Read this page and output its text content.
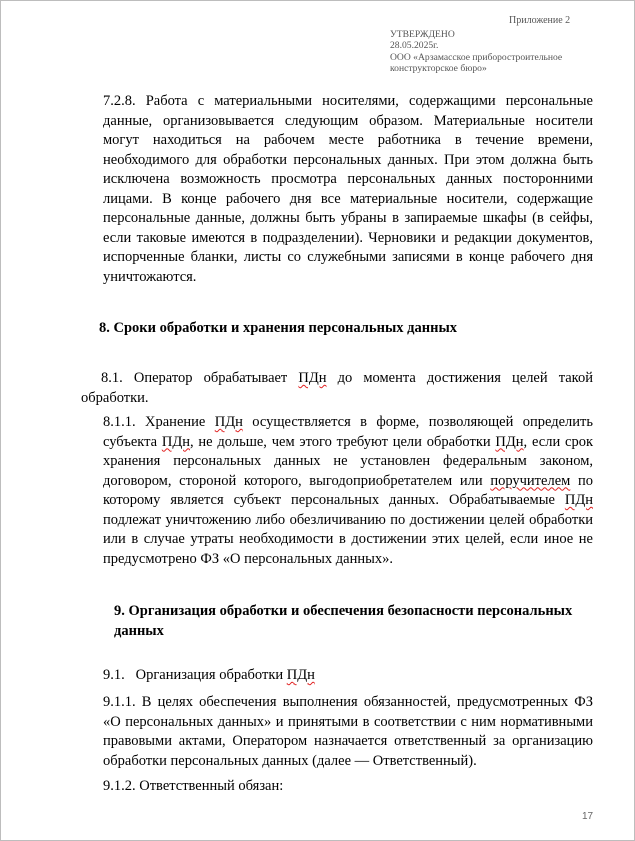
Приложение 2
УТВЕРЖДЕНО
28.05.2025г.
ООО «Арзамасское приборостроительное
конструкторское бюро»
7.2.8. Работа с материальными носителями, содержащими персональные данные, организовывается следующим образом. Материальные носители могут находиться на рабочем месте работника в течение времени, необходимого для обработки персональных данных. При этом должна быть исключена возможность просмотра персональных данных посторонними лицами. В конце рабочего дня все материальные носители, содержащие персональные данные, должны быть убраны в запираемые шкафы (в сейфы, если таковые имеются в подразделении). Черновики и редакции документов, испорченные бланки, листы со служебными записями в конце рабочего дня уничтожаются.
8. Сроки обработки и хранения персональных данных
8.1. Оператор обрабатывает ПДн до момента достижения целей такой обработки.
8.1.1. Хранение ПДн осуществляется в форме, позволяющей определить субъекта ПДн, не дольше, чем этого требуют цели обработки ПДн, если срок хранения персональных данных не установлен федеральным законом, договором, стороной которого, выгодоприобретателем или поручителем по которому является субъект персональных данных. Обрабатываемые ПДн подлежат уничтожению либо обезличиванию по достижении целей обработки или в случае утраты необходимости в достижении этих целей, если иное не предусмотрено ФЗ «О персональных данных».
9. Организация обработки и обеспечения безопасности персональных
данных
9.1. Организация обработки ПДн
9.1.1. В целях обеспечения выполнения обязанностей, предусмотренных ФЗ «О персональных данных» и принятыми в соответствии с ним нормативными правовыми актами, Оператором назначается ответственный за организацию обработки персональных данных (далее — Ответственный).
9.1.2. Ответственный обязан:
17
